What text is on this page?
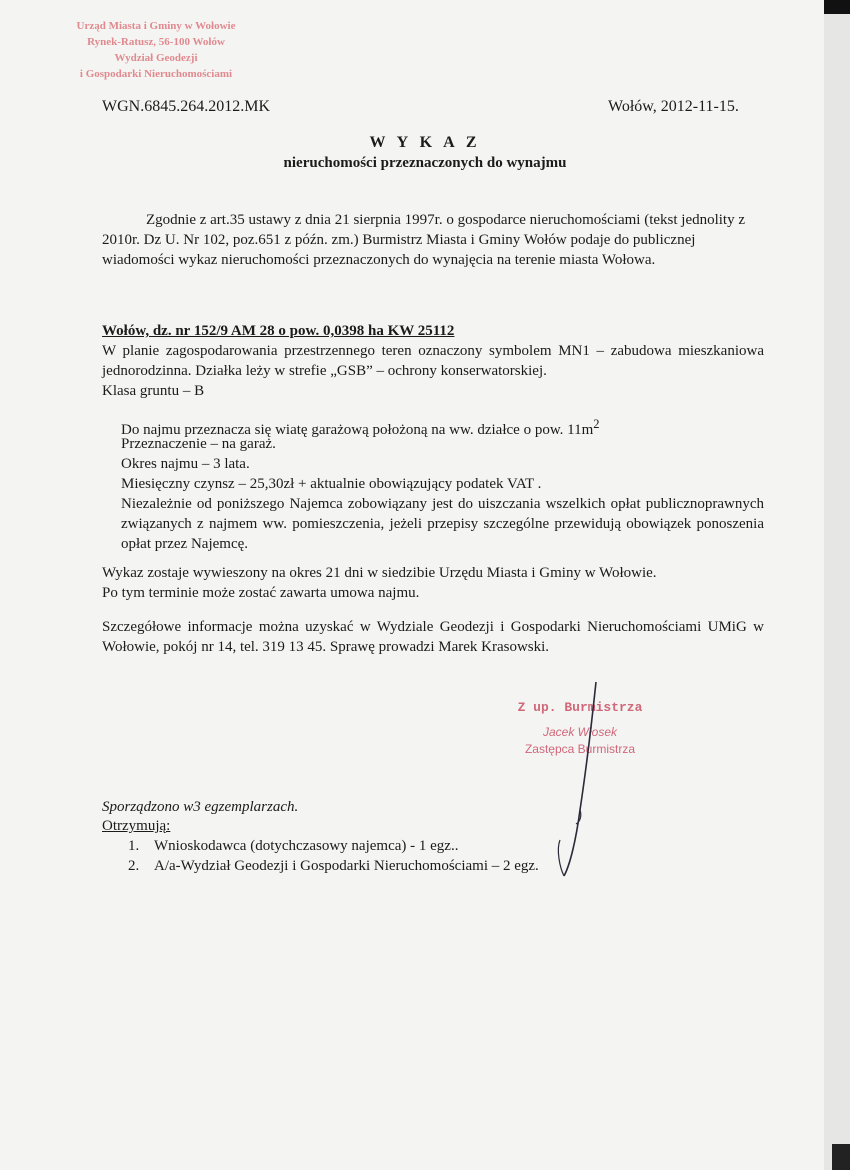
Urząd Miasta i Gminy w Wołowie
Rynek-Ratusz, 56-100 Wołów
Wydział Geodezji
i Gospodarki Nieruchomościami
WGN.6845.264.2012.MK	Wołów, 2012-11-15.
W Y K A Z
nieruchomości przeznaczonych do wynajmu
Zgodnie z art.35 ustawy z dnia 21 sierpnia 1997r. o gospodarce nieruchomościami (tekst jednolity z 2010r. Dz U. Nr 102, poz.651 z późn. zm.) Burmistrz Miasta i Gminy Wołów podaje do publicznej wiadomości wykaz nieruchomości przeznaczonych do wynajęcia na terenie miasta Wołowa.
Wołów, dz. nr 152/9 AM 28 o pow. 0,0398 ha KW 25112
W planie zagospodarowania przestrzennego teren oznaczony symbolem MN1 – zabudowa mieszkaniowa jednorodzinna. Działka leży w strefie „GSB” – ochrony konserwatorskiej.
Klasa gruntu – B
Do najmu przeznacza się wiatę garażową położoną na ww. działce o pow. $11m^2$
Przeznaczenie – na garaż.
Okres najmu – 3 lata.
Miesięczny czynsz – 25,30zł + aktualnie obowiązujący podatek VAT .
Niezależnie od poniższego Najemca zobowiązany jest do uiszczania wszelkich opłat publicznoprawnych związanych z najmem ww. pomieszczenia, jeżeli przepisy szczególne przewidują obowiązek ponoszenia opłat przez Najemcę.
Wykaz zostaje wywieszony na okres 21 dni w siedzibie Urzędu Miasta i Gminy w Wołowie.
Po tym terminie może zostać zawarta umowa najmu.
Szczegółowe informacje można uzyskać w Wydziale Geodezji i Gospodarki Nieruchomościami UMiG w Wołowie, pokój nr 14, tel. 319 13 45. Sprawę prowadzi Marek Krasowski.
Z up. Burmistrza
Jacek Włosek
Zastępca Burmistrza
Sporządzono w3 egzemplarzach.
Otrzymują:
1. Wnioskodawca (dotychczasowy najemca) - 1 egz..
2. A/a-Wydział Geodezji i Gospodarki Nieruchomościami – 2 egz.
